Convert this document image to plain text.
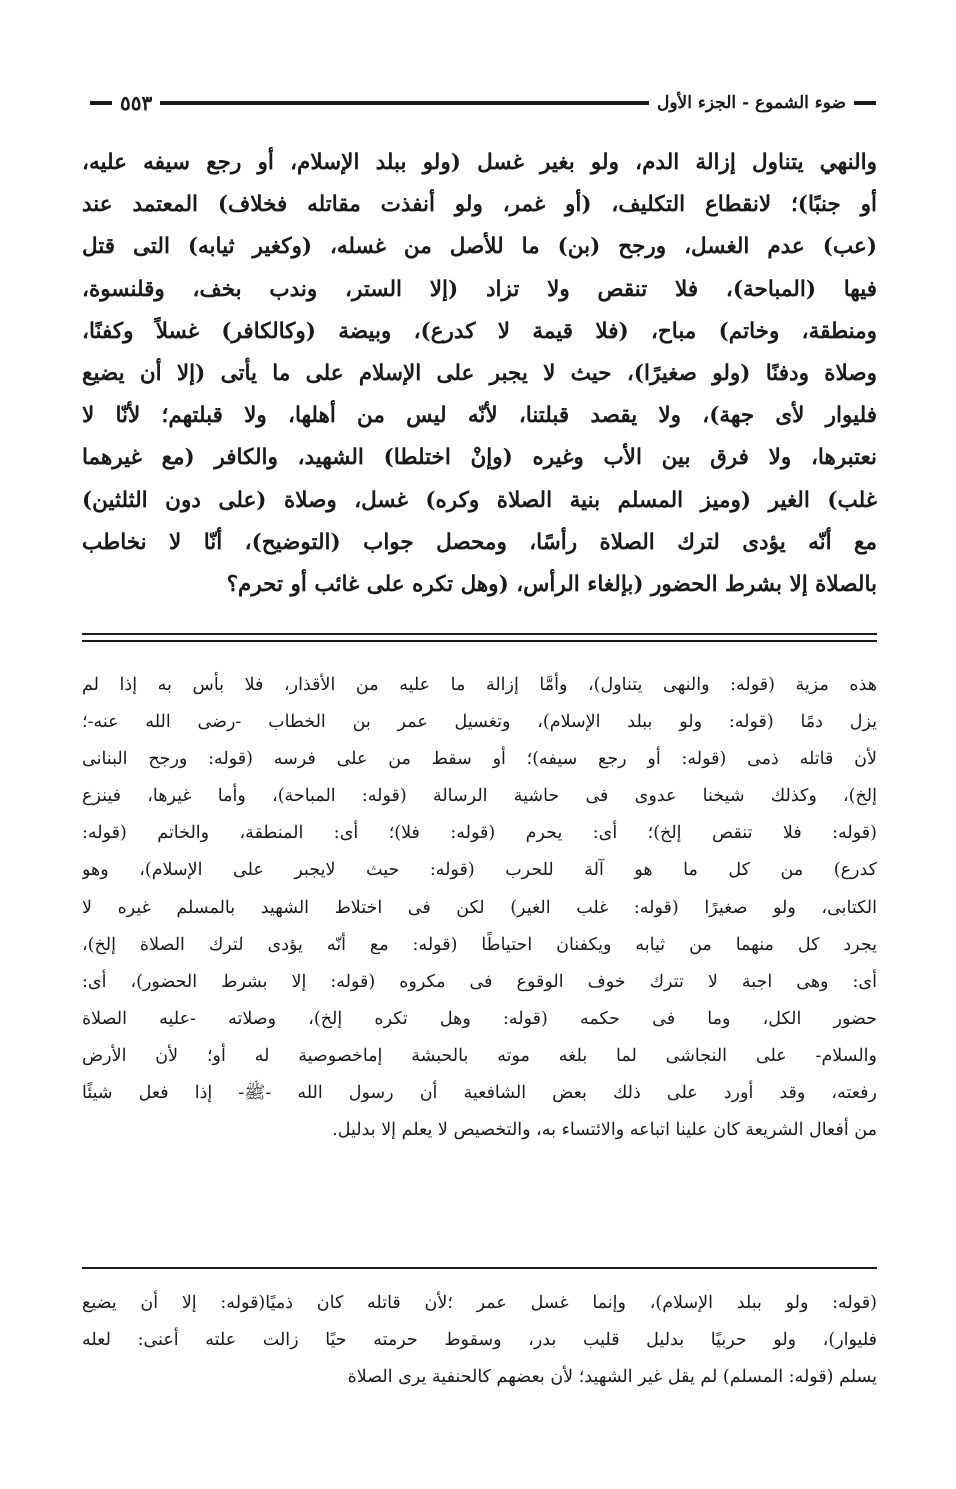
ضوء الشموع - الجزء الأول
٥٥٣

والنهي يتناول إزالة الدم، ولو بغير غسل (ولو ببلد الإسلام، أو رجع سيفه عليه،

أو جنبًا)؛ لانقطاع التكليف، (أو غمر، ولو أنفذت مقاتله فخلاف) المعتمد عند

(عب) عدم الغسل، ورجح (بن) ما للأصل من غسله، (وكغير ثيابه) التى قتل

فيها (المباحة)، فلا تنقص ولا تزاد (إلا الستر، وندب بخف، وقلنسوة،

ومنطقة، وخاتم) مباح، (فلا قيمة لا كدرع)، وبيضة (وكالكافر) غسلاً وكفنًا،

وصلاة ودفنًا (ولو صغيرًا)، حيث لا يجبر على الإسلام على ما يأتى (إلا أن يضيع

فليوار لأى جهة)، ولا يقصد قبلتنا، لأنّه ليس من أهلها، ولا قبلتهم؛ لأنّا لا

نعتبرها، ولا فرق بين الأب وغيره (وإنْ اختلطا) الشهيد، والكافر (مع غيرهما

غلب) الغير (وميز المسلم بنية الصلاة وكره) غسل، وصلاة (على دون الثلثين)

مع أنّه يؤدى لترك الصلاة رأسًا، ومحصل جواب (التوضيح)، أنّا لا نخاطب

بالصلاة إلا بشرط الحضور (بإلغاء الرأس، (وهل تكره على غائب أو تحرم؟

هذه مزية (قوله: والنهى يتناول)، وأمَّا إزالة ما عليه من الأقذار، فلا بأس به إذا لم

يزل دمًا (قوله: ولو ببلد الإسلام)، وتغسيل عمر بن الخطاب -رضى الله عنه-؛

لأن قاتله ذمى (قوله: أو رجع سيفه)؛ أو سقط من على فرسه (قوله: ورجح البنانى

إلخ)، وكذلك شيخنا عدوى فى حاشية الرسالة (قوله: المباحة)، وأما غيرها، فينزع

(قوله: فلا تنقص إلخ)؛ أى: يحرم (قوله: فلا)؛ أى: المنطقة، والخاتم (قوله:

كدرع) من كل ما هو آلة للحرب (قوله: حيث لايجبر على الإسلام)، وهو

الكتابى، ولو صغيرًا (قوله: غلب الغير) لكن فى اختلاط الشهيد بالمسلم غيره لا

يجرد كل منهما من ثيابه ويكفنان احتياطًا (قوله: مع أنّه يؤدى لترك الصلاة إلخ)،

أى: وهى اجبة لا تترك خوف الوقوع فى مكروه (قوله: إلا بشرط الحضور)، أى:

حضور الكل، وما فى حكمه (قوله: وهل تكره إلخ)، وصلاته -عليه الصلاة

والسلام- على النجاشى لما بلغه موته بالحبشة إماخصوصية له أو؛ لأن الأرض

رفعته، وقد أورد على ذلك بعض الشافعية أن رسول الله -ﷺ- إذا فعل شيئًا

من أفعال الشريعة كان علينا اتباعه والائتساء به، والتخصيص لا يعلم إلا بدليل.

(قوله: ولو ببلد الإسلام)، وإنما غسل عمر ؛لأن قاتله كان ذميًا(قوله: إلا أن يضيع

فليوار)، ولو حربيًا بدليل قليب بدر، وسقوط حرمته حيًا زالت علته أعنى: لعله

يسلم (قوله: المسلم) لم يقل غير الشهيد؛ لأن بعضهم كالحنفية يرى الصلاة
